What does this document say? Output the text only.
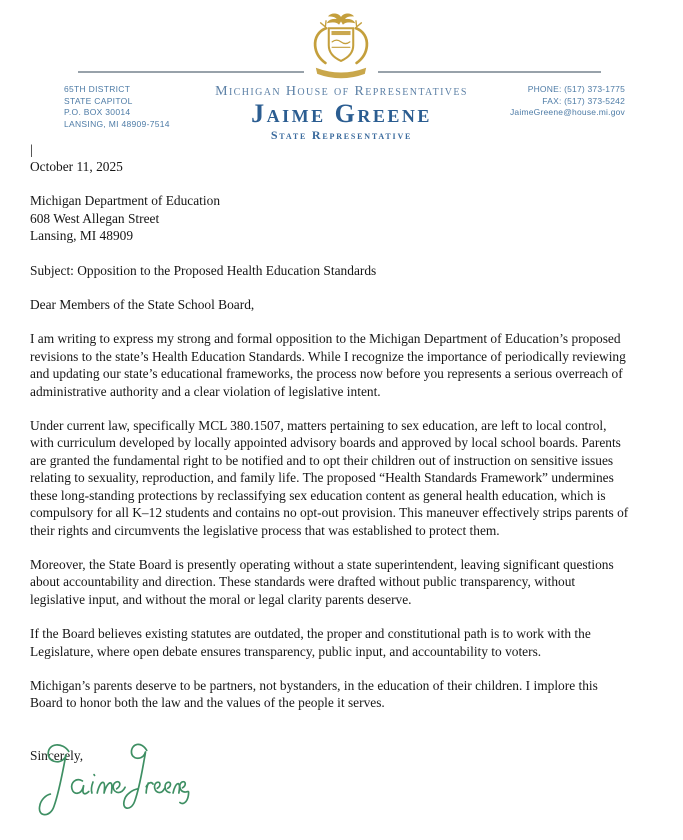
65TH DISTRICT
STATE CAPITOL
P.O. BOX 30014
LANSING, MI 48909-7514
PHONE: (517) 373-1775
FAX: (517) 373-5242
JaimeGreene@house.mi.gov
Michigan House of Representatives
Jaime Greene
State Representative
|
October 11, 2025
Michigan Department of Education
608 West Allegan Street
Lansing, MI 48909
Subject: Opposition to the Proposed Health Education Standards
Dear Members of the State School Board,

I am writing to express my strong and formal opposition to the Michigan Department of Education’s proposed revisions to the state’s Health Education Standards. While I recognize the importance of periodically reviewing and updating our state’s educational frameworks, the process now before you represents a serious overreach of administrative authority and a clear violation of legislative intent.

Under current law, specifically MCL 380.1507, matters pertaining to sex education, are left to local control, with curriculum developed by locally appointed advisory boards and approved by local school boards. Parents are granted the fundamental right to be notified and to opt their children out of instruction on sensitive issues relating to sexuality, reproduction, and family life. The proposed “Health Standards Framework” undermines these long-standing protections by reclassifying sex education content as general health education, which is compulsory for all K–12 students and contains no opt-out provision. This maneuver effectively strips parents of their rights and circumvents the legislative process that was established to protect them.

Moreover, the State Board is presently operating without a state superintendent, leaving significant questions about accountability and direction. These standards were drafted without public transparency, without legislative input, and without the moral or legal clarity parents deserve.

If the Board believes existing statutes are outdated, the proper and constitutional path is to work with the Legislature, where open debate ensures transparency, public input, and accountability to voters.

Michigan’s parents deserve to be partners, not bystanders, in the education of their children. I implore this Board to honor both the law and the values of the people it serves.

Sincerely,
